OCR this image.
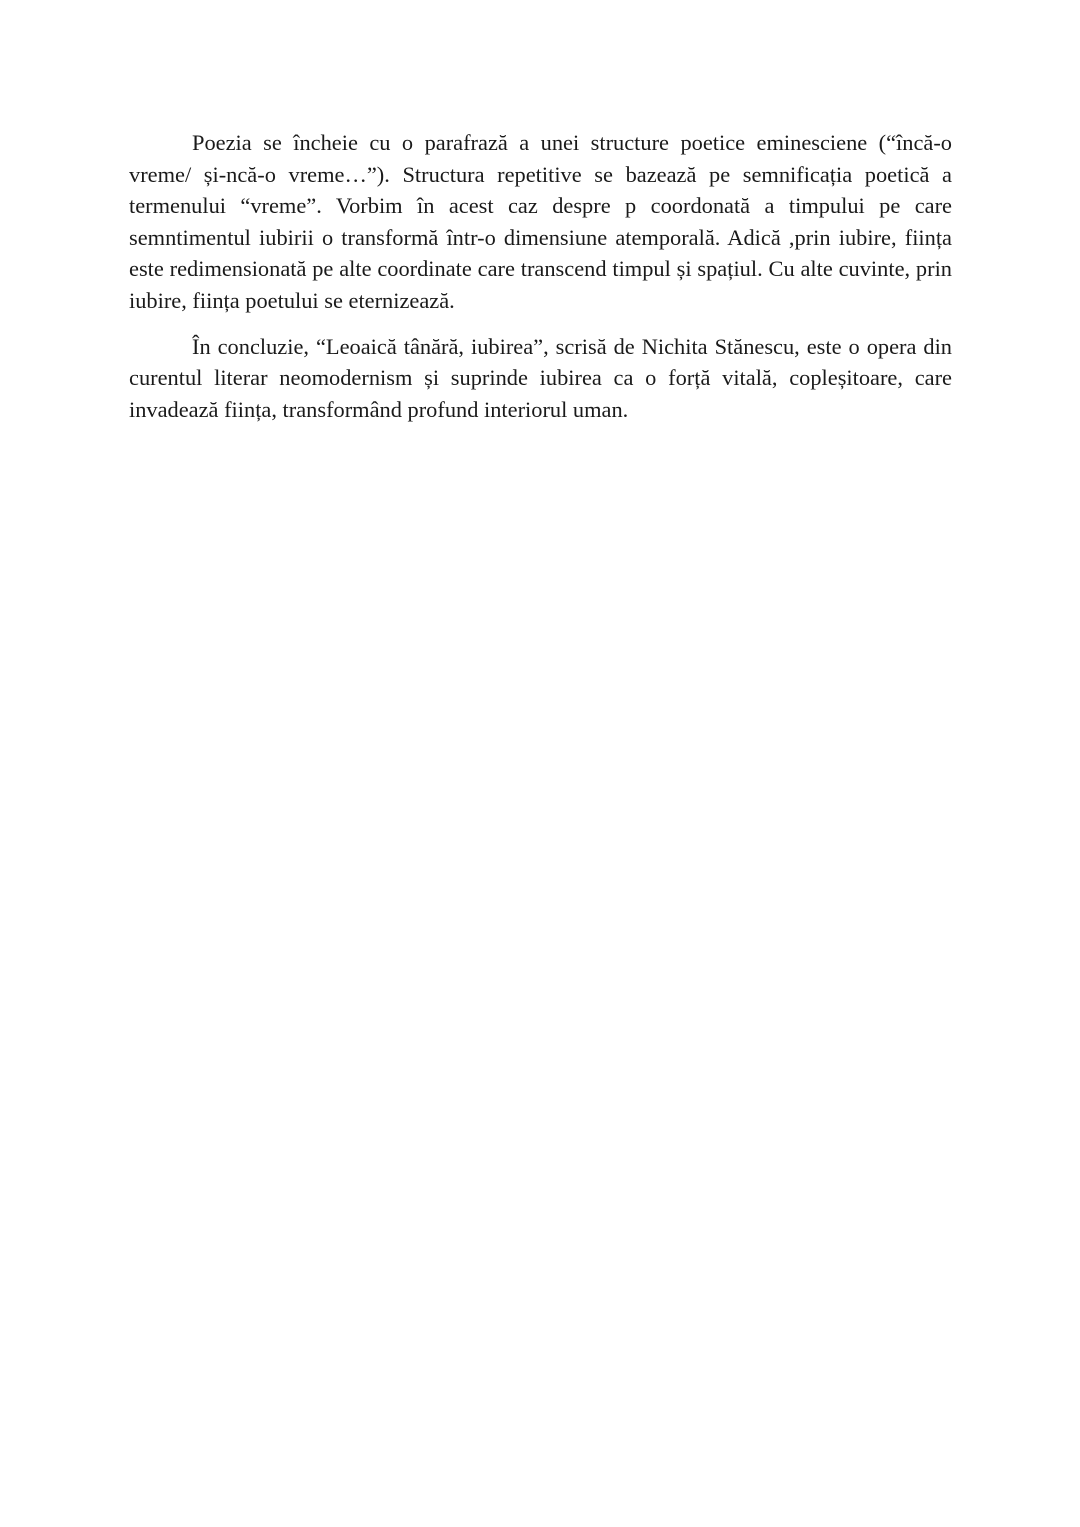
Poezia se încheie cu o parafrază a unei structure poetice eminesciene (“încă-o vreme/ și-ncă-o vreme…”). Structura repetitive se bazează pe semnificația poetică a termenului “vreme”. Vorbim în acest caz despre p coordonată a timpului pe care semntimentul iubirii o transformă într-o dimensiune atemporală. Adică ,prin iubire, ființa este redimensionată pe alte coordinate care transcend timpul și spațiul. Cu alte cuvinte, prin iubire, ființa poetului se eternizează.

În concluzie, “Leoaică tânără, iubirea”, scrisă de Nichita Stănescu, este o opera din curentul literar neomodernism și suprinde iubirea ca o forță vitală, copleșitoare, care invadează ființa, transformând profund interiorul uman.
